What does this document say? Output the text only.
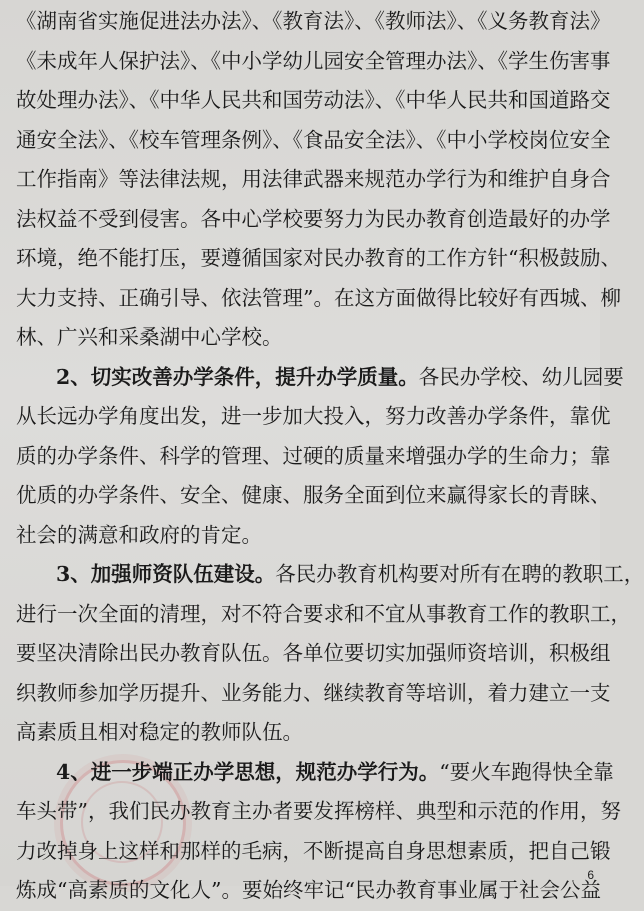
《湖南省实施促进法办法》、《教育法》、《教师法》、《义务教育法》
《未成年人保护法》、《中小学幼儿园安全管理办法》、《学生伤害事
故处理办法》、《中华人民共和国劳动法》、《中华人民共和国道路交
通安全法》、《校车管理条例》、《食品安全法》、《中小学校岗位安全
工作指南》等法律法规，用法律武器来规范办学行为和维护自身合
法权益不受到侵害。各中心学校要努力为民办教育创造最好的办学
环境，绝不能打压，要遵循国家对民办教育的工作方针“积极鼓励、
大力支持、正确引导、依法管理”。在这方面做得比较好有西城、柳
林、广兴和采桑湖中心学校。
2、切实改善办学条件，提升办学质量。各民办学校、幼儿园要
从长远办学角度出发，进一步加大投入，努力改善办学条件，靠优
质的办学条件、科学的管理、过硬的质量来增强办学的生命力；靠
优质的办学条件、安全、健康、服务全面到位来赢得家长的青睐、
社会的满意和政府的肯定。
3、加强师资队伍建设。各民办教育机构要对所有在聘的教职工，
进行一次全面的清理，对不符合要求和不宜从事教育工作的教职工，
要坚决清除出民办教育队伍。各单位要切实加强师资培训，积极组
织教师参加学历提升、业务能力、继续教育等培训，着力建立一支
高素质且相对稳定的教师队伍。
4、进一步端正办学思想，规范办学行为。“要火车跑得快全靠
车头带”，我们民办教育主办者要发挥榜样、典型和示范的作用，努
力改掉身上这样和那样的毛病，不断提高自身思想素质，把自己锻
炼成“高素质的文化人”。要始终牢记“民办教育事业属于社会公益
6
